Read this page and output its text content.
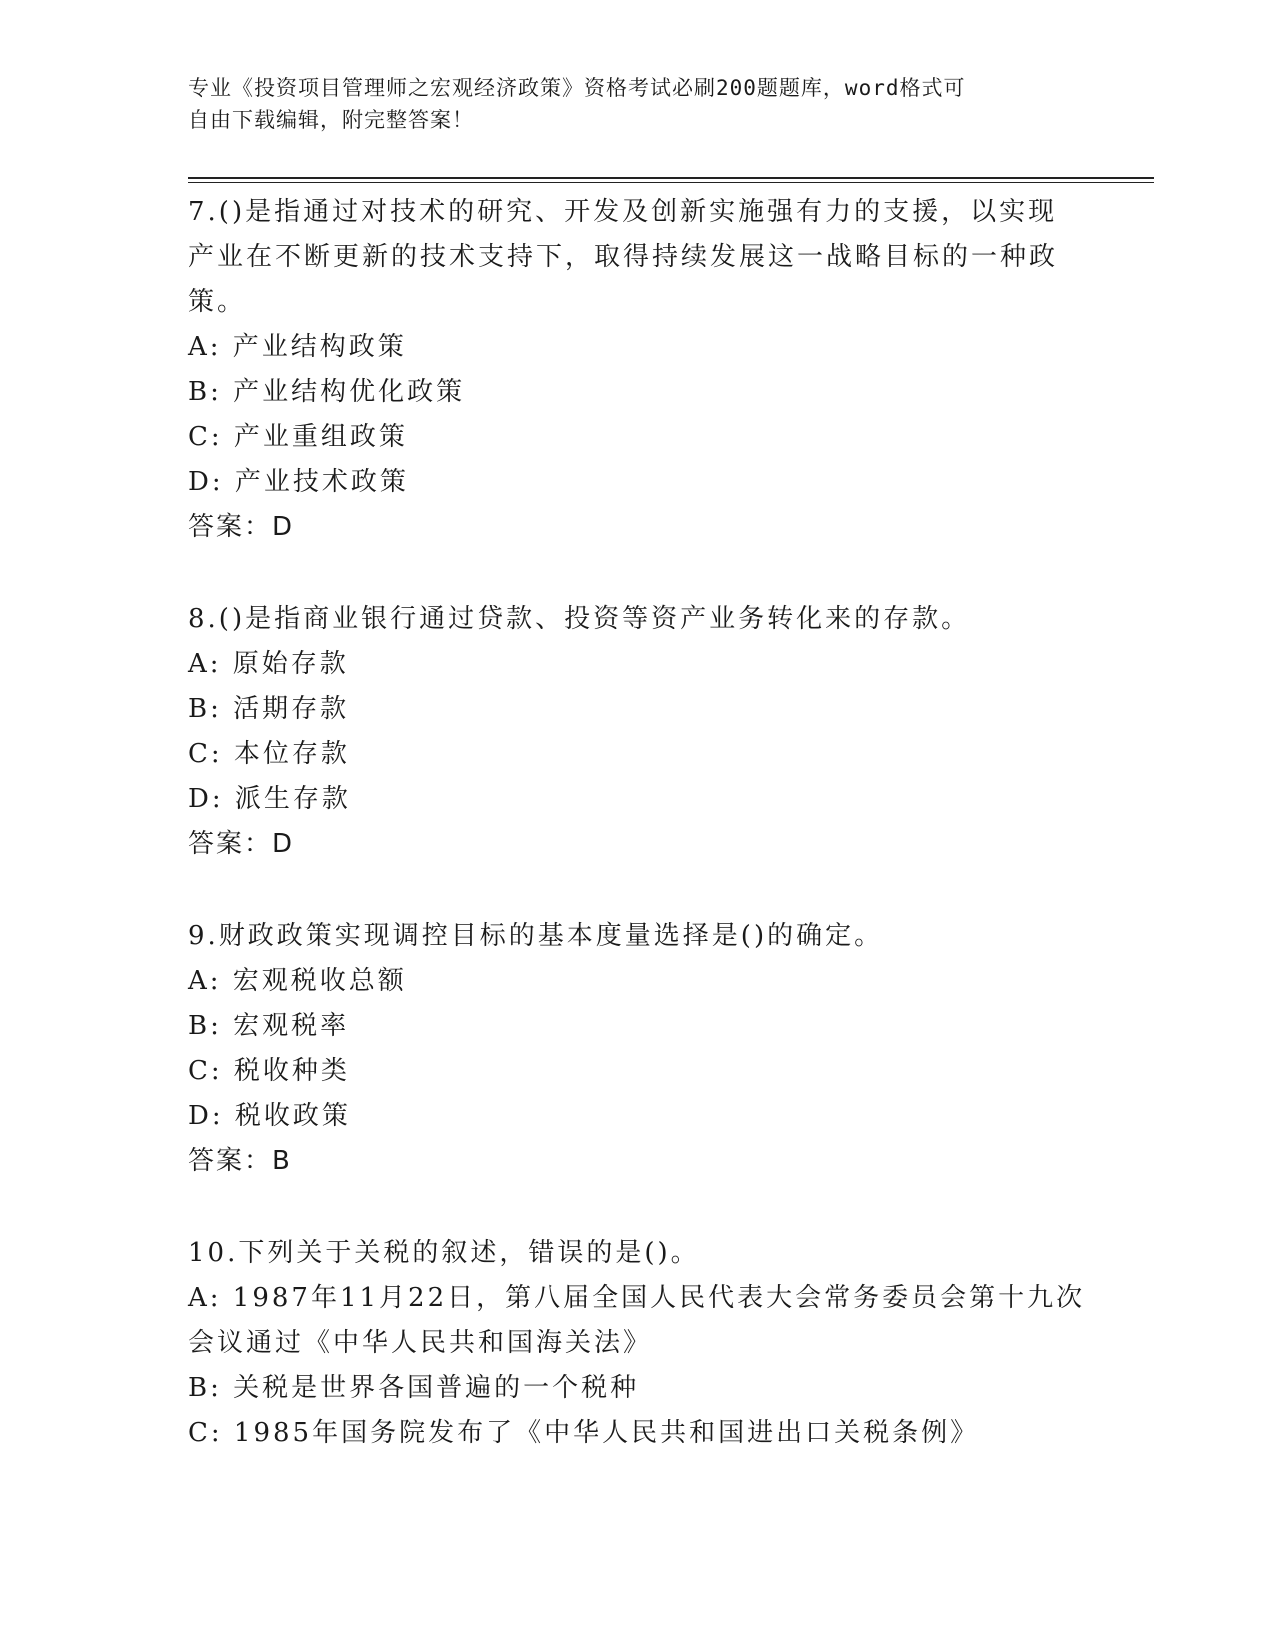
专业《投资项目管理师之宏观经济政策》资格考试必刷200题题库，word格式可
自由下载编辑，附完整答案！

7.()是指通过对技术的研究、开发及创新实施强有力的支援，以实现

产业在不断更新的技术支持下，取得持续发展这一战略目标的一种政

策。

A: 产业结构政策

B: 产业结构优化政策

C: 产业重组政策

D: 产业技术政策

答案：D

8.()是指商业银行通过贷款、投资等资产业务转化来的存款。

A: 原始存款

B: 活期存款

C: 本位存款

D: 派生存款

答案：D

9.财政政策实现调控目标的基本度量选择是()的确定。

A: 宏观税收总额

B: 宏观税率

C: 税收种类

D: 税收政策

答案：B

10.下列关于关税的叙述，错误的是()。

A: 1987年11月22日，第八届全国人民代表大会常务委员会第十九次

会议通过《中华人民共和国海关法》

B: 关税是世界各国普遍的一个税种

C: 1985年国务院发布了《中华人民共和国进出口关税条例》
